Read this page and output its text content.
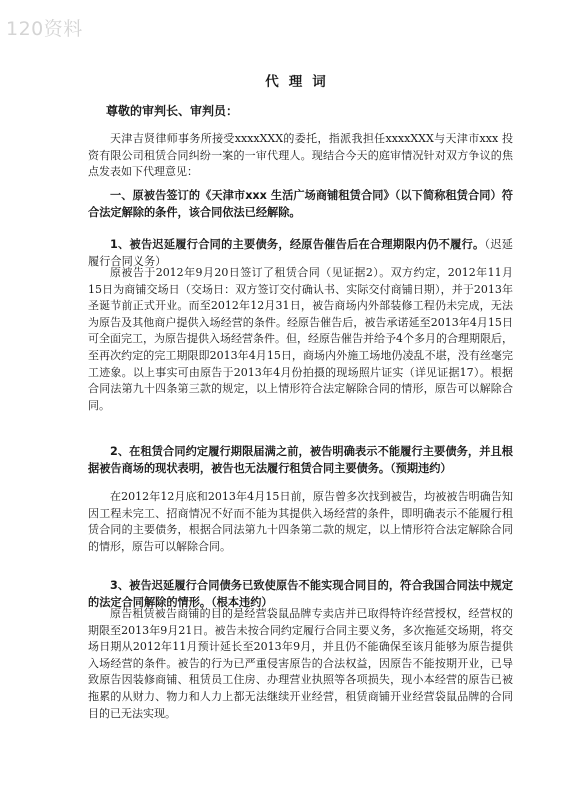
120资料
代理词
尊敬的审判长、审判员：

天津吉贤律师事务所接受xxxxXXX的委托，指派我担任xxxxXXX与天津市xxx 投资有限公司租赁合同纠纷一案的一审代理人。现结合今天的庭审情况针对双方争议的焦点发表如下代理意见：

一、原被告签订的《天津市xxx 生活广场商铺租赁合同》（以下简称租赁合同）符合法定解除的条件，该合同依法已经解除。

1、被告迟延履行合同的主要债务，经原告催告后在合理期限内仍不履行。（迟延履行合同义务）

原被告于2012年9月20日签订了租赁合同（见证据2）。双方约定，2012年11月15日为商铺交场日（交场日：双方签订交付确认书、实际交付商铺日期），并于2013年圣诞节前正式开业。而至2012年12月31日，被告商场内外部装修工程仍未完成，无法为原告及其他商户提供入场经营的条件。经原告催告后，被告承诺延至2013年4月15日可全面完工，为原告提供入场经营条件。但，经原告催告并给予4个多月的合理期限后，至再次约定的完工期限即2013年4月15日，商场内外施工场地仍凌乱不堪，没有丝毫完工迹象。以上事实可由原告于2013年4月份拍摄的现场照片证实（详见证据17）。根据合同法第九十四条第三款的规定，以上情形符合法定解除合同的情形，原告可以解除合同。

2、在租赁合同约定履行期限届满之前，被告明确表示不能履行主要债务，并且根据被告商场的现状表明，被告也无法履行租赁合同主要债务。（预期违约）

在2012年12月底和2013年4月15日前，原告曾多次找到被告，均被被告明确告知因工程未完工、招商情况不好而不能为其提供入场经营的条件，即明确表示不能履行租赁合同的主要债务，根据合同法第九十四条第二款的规定，以上情形符合法定解除合同的情形，原告可以解除合同。

3、被告迟延履行合同债务已致使原告不能实现合同目的，符合我国合同法中规定的法定合同解除的情形。（根本违约）

原告租赁被告商铺的目的是经营袋鼠品牌专卖店并已取得特许经营授权，经营权的期限至2013年9月21日。被告未按合同约定履行合同主要义务，多次拖延交场期，将交场日期从2012年11月预计延长至2013年9月，并且仍不能确保至该月能够为原告提供入场经营的条件。被告的行为已严重侵害原告的合法权益，因原告不能按期开业，已导致原告因装修商铺、租赁员工住房、办理营业执照等各项损失，现小本经营的原告已被拖累的从财力、物力和人力上都无法继续开业经营，租赁商铺开业经营袋鼠品牌的合同目的已无法实现。
